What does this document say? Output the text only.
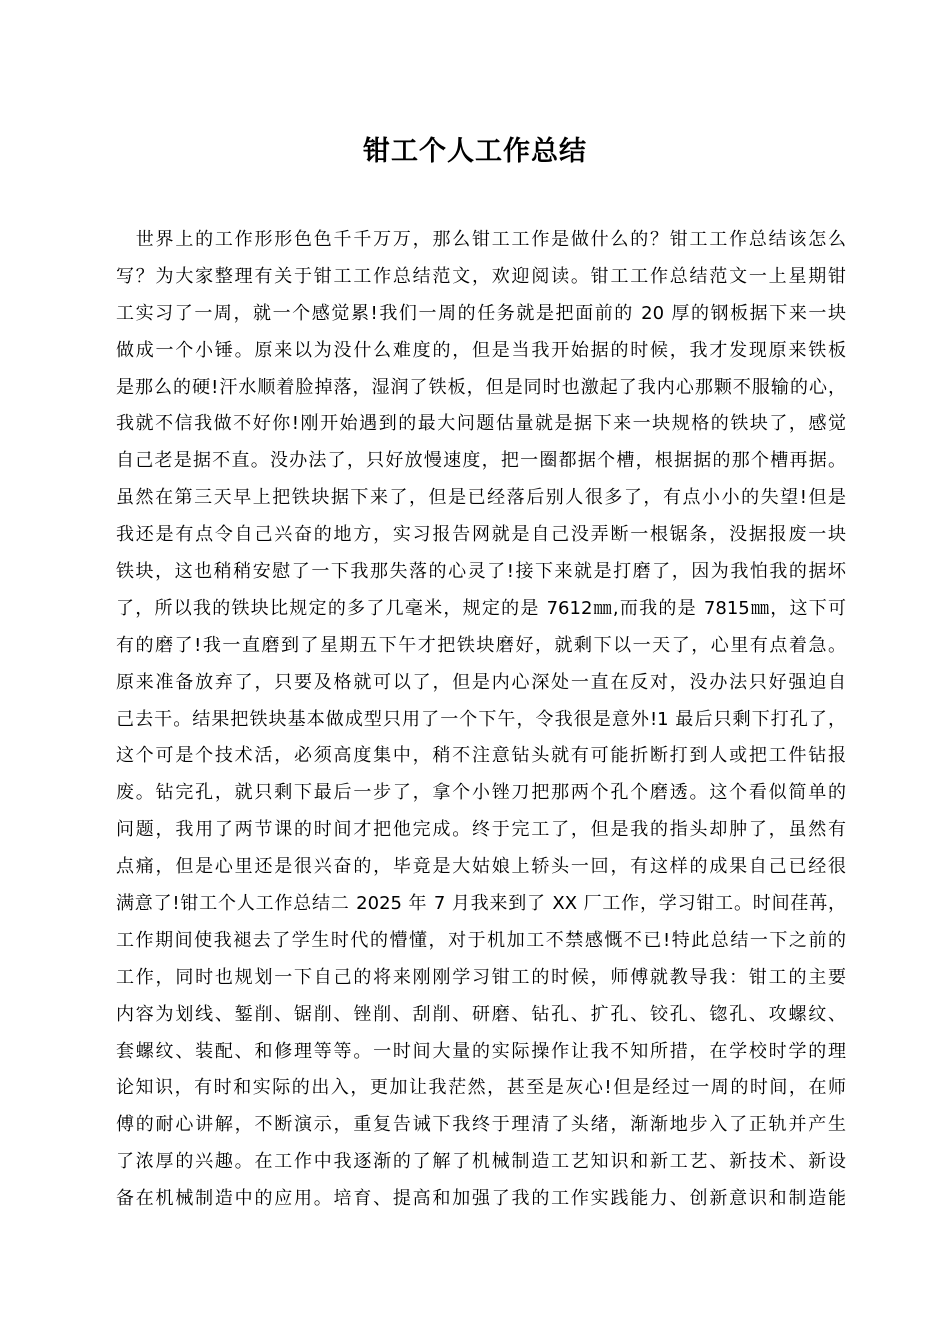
钳工个人工作总结
　世界上的工作形形色色千千万万，那么钳工工作是做什么的？钳工工作总结该怎么
写？为大家整理有关于钳工工作总结范文，欢迎阅读。钳工工作总结范文一上星期钳
工实习了一周，就一个感觉累!我们一周的任务就是把面前的 20 厚的钢板据下来一块
做成一个小锤。原来以为没什么难度的，但是当我开始据的时候，我才发现原来铁板
是那么的硬!汗水顺着脸掉落，湿润了铁板，但是同时也激起了我内心那颗不服输的心，
我就不信我做不好你!刚开始遇到的最大问题估量就是据下来一块规格的铁块了，感觉
自己老是据不直。没办法了，只好放慢速度，把一圈都据个槽，根据据的那个槽再据。
虽然在第三天早上把铁块据下来了，但是已经落后别人很多了，有点小小的失望!但是
我还是有点令自己兴奋的地方，实习报告网就是自己没弄断一根锯条，没据报废一块
铁块，这也稍稍安慰了一下我那失落的心灵了!接下来就是打磨了，因为我怕我的据坏
了，所以我的铁块比规定的多了几毫米，规定的是 7612㎜,而我的是 7815㎜，这下可
有的磨了!我一直磨到了星期五下午才把铁块磨好，就剩下以一天了，心里有点着急。
原来准备放弃了，只要及格就可以了，但是内心深处一直在反对，没办法只好强迫自
己去干。结果把铁块基本做成型只用了一个下午，令我很是意外!1 最后只剩下打孔了，
这个可是个技术活，必须高度集中，稍不注意钻头就有可能折断打到人或把工件钻报
废。钻完孔，就只剩下最后一步了，拿个小锉刀把那两个孔个磨透。这个看似简单的
问题，我用了两节课的时间才把他完成。终于完工了，但是我的指头却肿了，虽然有
点痛，但是心里还是很兴奋的，毕竟是大姑娘上轿头一回，有这样的成果自己已经很
满意了!钳工个人工作总结二 2025 年 7 月我来到了 XX 厂工作，学习钳工。时间荏苒，
工作期间使我褪去了学生时代的懵懂，对于机加工不禁感慨不已!特此总结一下之前的
工作，同时也规划一下自己的将来刚刚学习钳工的时候，师傅就教导我：钳工的主要
内容为划线、錾削、锯削、锉削、刮削、研磨、钻孔、扩孔、铰孔、锪孔、攻螺纹、
套螺纹、装配、和修理等等。一时间大量的实际操作让我不知所措，在学校时学的理
论知识，有时和实际的出入，更加让我茫然，甚至是灰心!但是经过一周的时间，在师
傅的耐心讲解，不断演示，重复告诫下我终于理清了头绪，渐渐地步入了正轨并产生
了浓厚的兴趣。在工作中我逐渐的了解了机械制造工艺知识和新工艺、新技术、新设
备在机械制造中的应用。培育、提高和加强了我的工作实践能力、创新意识和制造能
